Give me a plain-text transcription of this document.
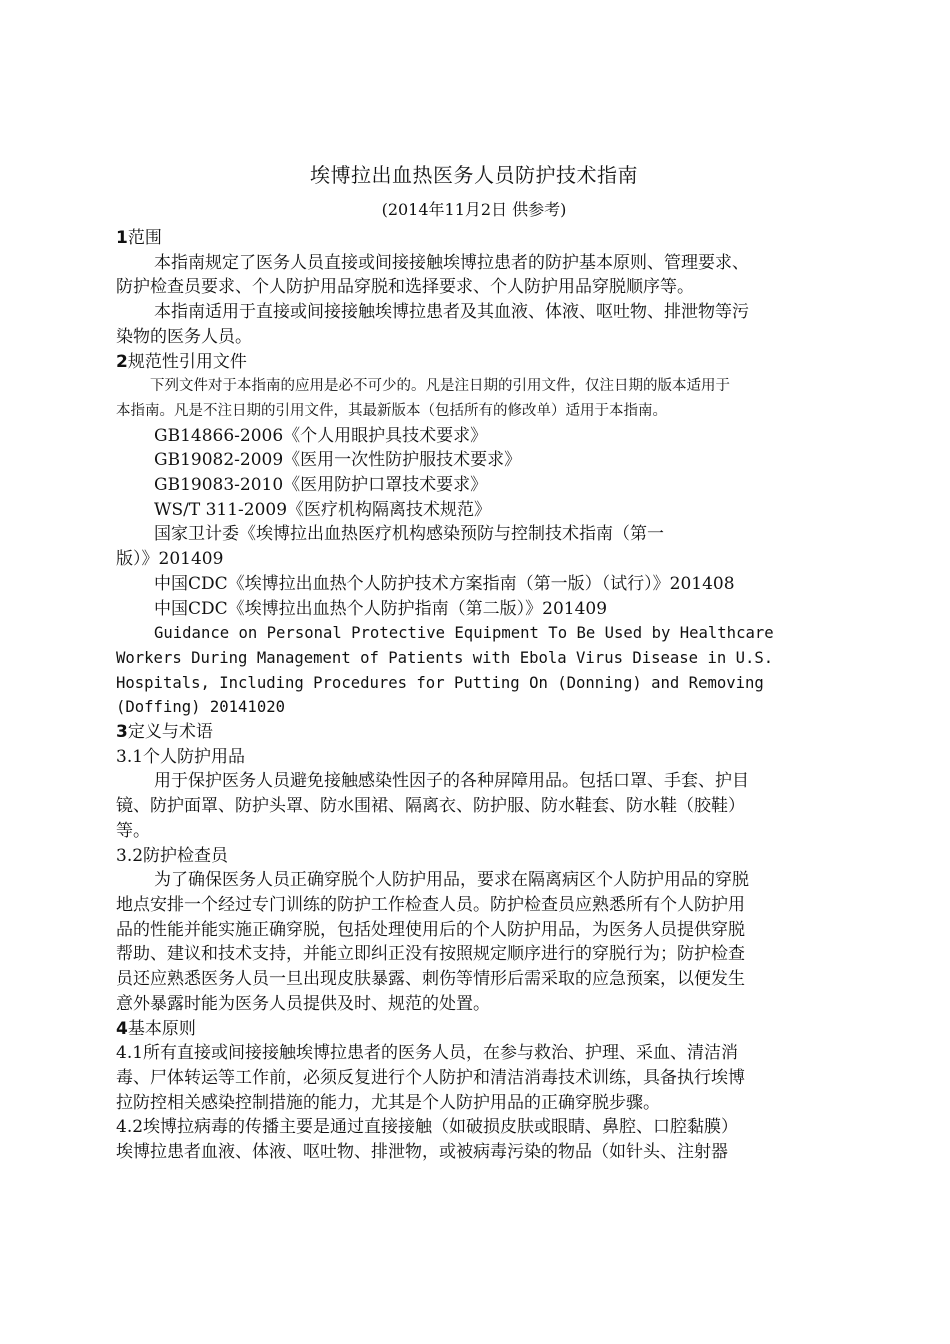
埃博拉出血热医务人员防护技术指南
(2014年11月2日 供参考)
1范围
本指南规定了医务人员直接或间接接触埃博拉患者的防护基本原则、管理要求、
防护检查员要求、个人防护用品穿脱和选择要求、个人防护用品穿脱顺序等。
本指南适用于直接或间接接触埃博拉患者及其血液、体液、呕吐物、排泄物等污
染物的医务人员。
2规范性引用文件
下列文件对于本指南的应用是必不可少的。凡是注日期的引用文件，仅注日期的版本适用于
本指南。凡是不注日期的引用文件，其最新版本（包括所有的修改单）适用于本指南。
GB14866-2006《个人用眼护具技术要求》
GB19082-2009《医用一次性防护服技术要求》
GB19083-2010《医用防护口罩技术要求》
WS/T 311-2009《医疗机构隔离技术规范》
国家卫计委《埃博拉出血热医疗机构感染预防与控制技术指南（第一
版）》201409
中国CDC《埃博拉出血热个人防护技术方案指南（第一版）（试行）》201408
中国CDC《埃博拉出血热个人防护指南（第二版）》201409
Guidance on Personal Protective Equipment To Be Used by Healthcare
Workers During Management of Patients with Ebola Virus Disease in U.S.
Hospitals, Including Procedures for Putting On (Donning) and Removing
(Doffing) 20141020
3定义与术语
3.1个人防护用品
用于保护医务人员避免接触感染性因子的各种屏障用品。包括口罩、手套、护目
镜、防护面罩、防护头罩、防水围裙、隔离衣、防护服、防水鞋套、防水鞋（胶鞋）
等。
3.2防护检查员
为了确保医务人员正确穿脱个人防护用品，要求在隔离病区个人防护用品的穿脱
地点安排一个经过专门训练的防护工作检查人员。防护检查员应熟悉所有个人防护用
品的性能并能实施正确穿脱，包括处理使用后的个人防护用品，为医务人员提供穿脱
帮助、建议和技术支持，并能立即纠正没有按照规定顺序进行的穿脱行为；防护检查
员还应熟悉医务人员一旦出现皮肤暴露、刺伤等情形后需采取的应急预案，以便发生
意外暴露时能为医务人员提供及时、规范的处置。
4基本原则
4.1所有直接或间接接触埃博拉患者的医务人员，在参与救治、护理、采血、清洁消
毒、尸体转运等工作前，必须反复进行个人防护和清洁消毒技术训练，具备执行埃博
拉防控相关感染控制措施的能力，尤其是个人防护用品的正确穿脱步骤。
4.2埃博拉病毒的传播主要是通过直接接触（如破损皮肤或眼睛、鼻腔、口腔黏膜）
埃博拉患者血液、体液、呕吐物、排泄物，或被病毒污染的物品（如针头、注射器
